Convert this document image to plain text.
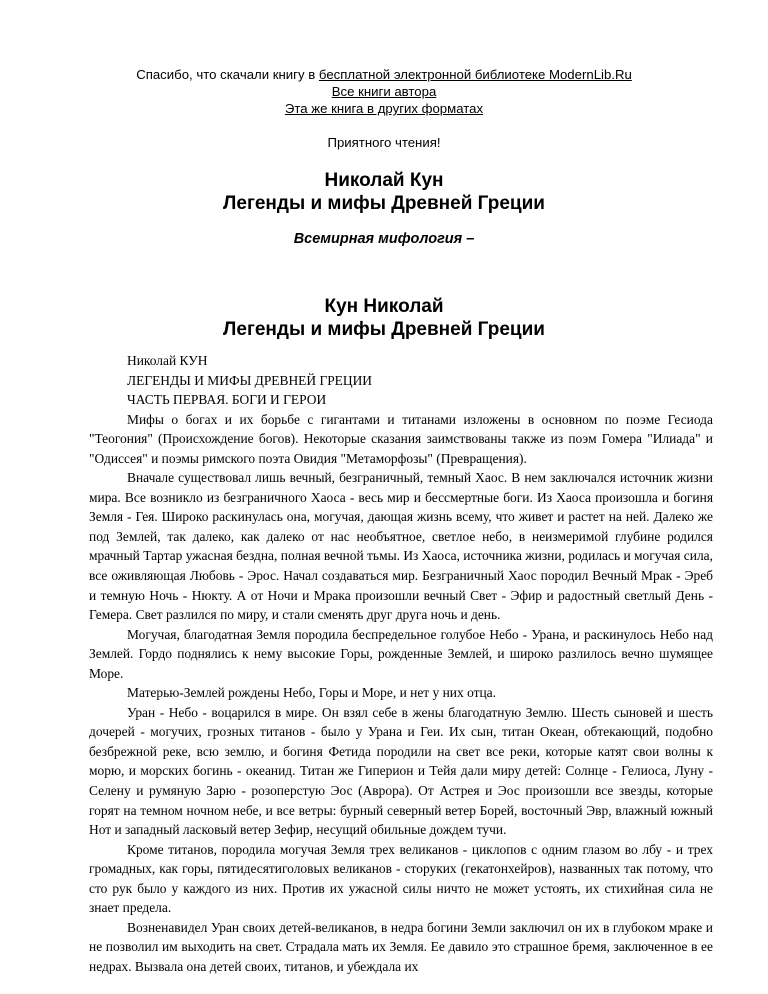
Спасибо, что скачали книгу в бесплатной электронной библиотеке ModernLib.Ru
Все книги автора
Эта же книга в других форматах
Приятного чтения!
Николай Кун
Легенды и мифы Древней Греции
Всемирная мифология –
Кун Николай
Легенды и мифы Древней Греции

Николай КУН

ЛЕГЕНДЫ И МИФЫ ДРЕВНЕЙ ГРЕЦИИ

ЧАСТЬ ПЕРВАЯ. БОГИ И ГЕРОИ

Мифы о богах и их борьбе с гигантами и титанами изложены в основном по поэме Гесиода "Теогония" (Происхождение богов). Некоторые сказания заимствованы также из поэм Гомера "Илиада" и "Одиссея" и поэмы римского поэта Овидия "Метаморфозы" (Превращения).

Вначале существовал лишь вечный, безграничный, темный Хаос. В нем заключался источник жизни мира. Все возникло из безграничного Хаоса - весь мир и бессмертные боги. Из Хаоса произошла и богиня Земля - Гея. Широко раскинулась она, могучая, дающая жизнь всему, что живет и растет на ней. Далеко же под Землей, так далеко, как далеко от нас необъятное, светлое небо, в неизмеримой глубине родился мрачный Тартар ужасная бездна, полная вечной тьмы. Из Хаоса, источника жизни, родилась и могучая сила, все оживляющая Любовь - Эрос. Начал создаваться мир. Безграничный Хаос породил Вечный Мрак - Эреб и темную Ночь - Нюкту. А от Ночи и Мрака произошли вечный Свет - Эфир и радостный светлый День - Гемера. Свет разлился по миру, и стали сменять друг друга ночь и день.

Могучая, благодатная Земля породила беспредельное голубое Небо - Урана, и раскинулось Небо над Землей. Гордо поднялись к нему высокие Горы, рожденные Землей, и широко разлилось вечно шумящее Море.

Матерью-Землей рождены Небо, Горы и Море, и нет у них отца.

Уран - Небо - воцарился в мире. Он взял себе в жены благодатную Землю. Шесть сыновей и шесть дочерей - могучих, грозных титанов - было у Урана и Геи. Их сын, титан Океан, обтекающий, подобно безбрежной реке, всю землю, и богиня Фетида породили на свет все реки, которые катят свои волны к морю, и морских богинь - океанид. Титан же Гиперион и Тейя дали миру детей: Солнце - Гелиоса, Луну - Селену и румяную Зарю - розоперстую Эос (Аврора). От Астрея и Эос произошли все звезды, которые горят на темном ночном небе, и все ветры: бурный северный ветер Борей, восточный Эвр, влажный южный Нот и западный ласковый ветер Зефир, несущий обильные дождем тучи.

Кроме титанов, породила могучая Земля трех великанов - циклопов с одним глазом во лбу - и трех громадных, как горы, пятидесятиголовых великанов - сторуких (гекатонхейров), названных так потому, что сто рук было у каждого из них. Против их ужасной силы ничто не может устоять, их стихийная сила не знает предела.

Возненавидел Уран своих детей-великанов, в недра богини Земли заключил он их в глубоком мраке и не позволил им выходить на свет. Страдала мать их Земля. Ее давило это страшное бремя, заключенное в ее недрах. Вызвала она детей своих, титанов, и убеждала их
